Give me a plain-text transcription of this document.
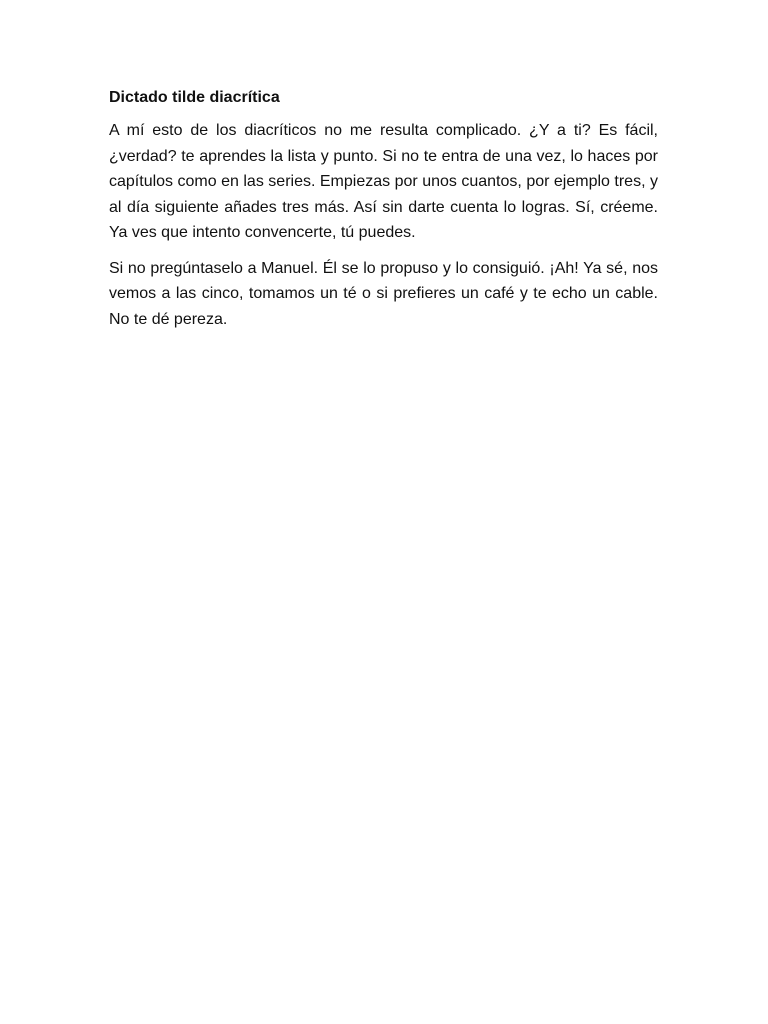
Dictado tilde diacrítica

A mí esto de los diacríticos no me resulta complicado. ¿Y a ti? Es fácil, ¿verdad? te aprendes la lista y punto. Si no te entra de una vez, lo haces por capítulos como en las series. Empiezas por unos cuantos, por ejemplo tres, y al día siguiente añades tres más. Así sin darte cuenta lo logras. Sí, créeme. Ya ves que intento convencerte, tú puedes.

Si no pregúntaselo a Manuel. Él se lo propuso y lo consiguió. ¡Ah! Ya sé, nos vemos a las cinco, tomamos un té o si prefieres un café y te echo un cable. No te dé pereza.
